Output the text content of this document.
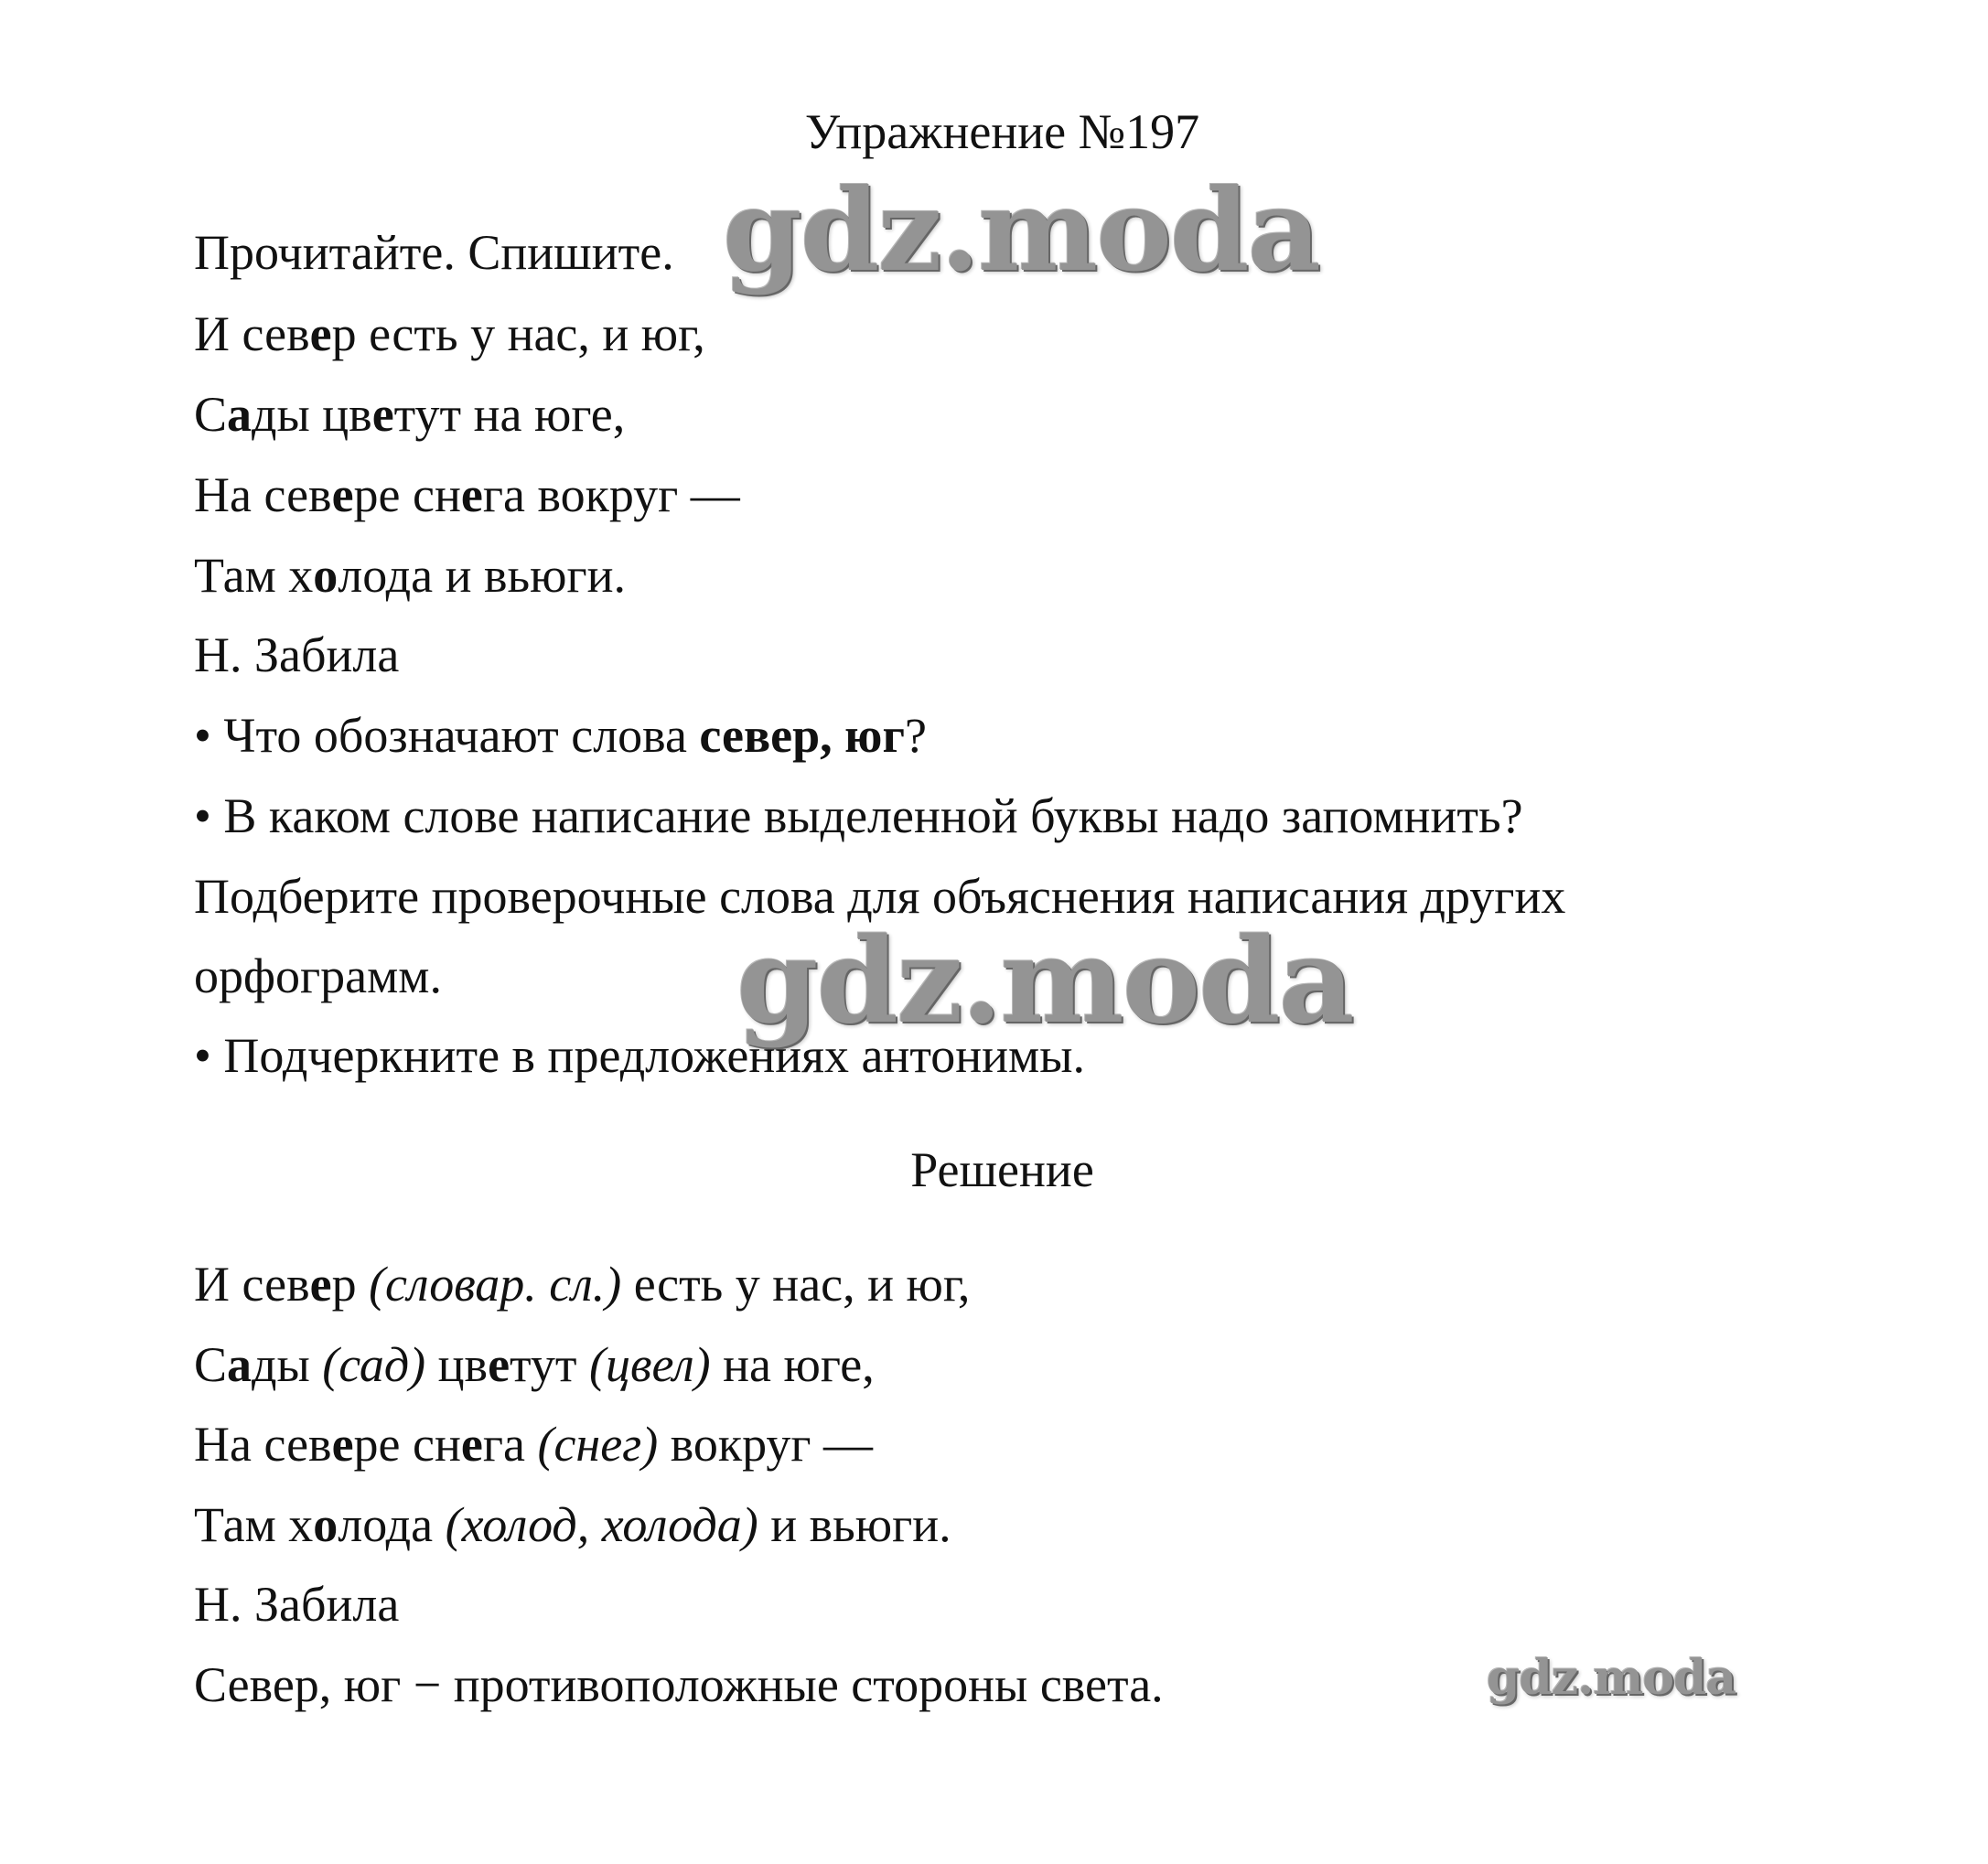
Упражнение №197
Прочитайте. Спишите.
И север есть у нас, и юг,
Сады цветут на юге,
На севере снега вокруг —
Там холода и вьюги.
Н. Забила
• Что обозначают слова север, юг?
• В каком слове написание выделенной буквы надо запомнить?
Подберите проверочные слова для объяснения написания других
орфограмм.
• Подчеркните в предложениях антонимы.
Решение
И север (словар. сл.) есть у нас, и юг,
Сады (сад) цветут (цвел) на юге,
На севере снега (снег) вокруг —
Там холода (холод, холода) и вьюги.
Н. Забила
Север, юг − противоположные стороны света.
gdz.moda
gdz.moda
gdz.moda
